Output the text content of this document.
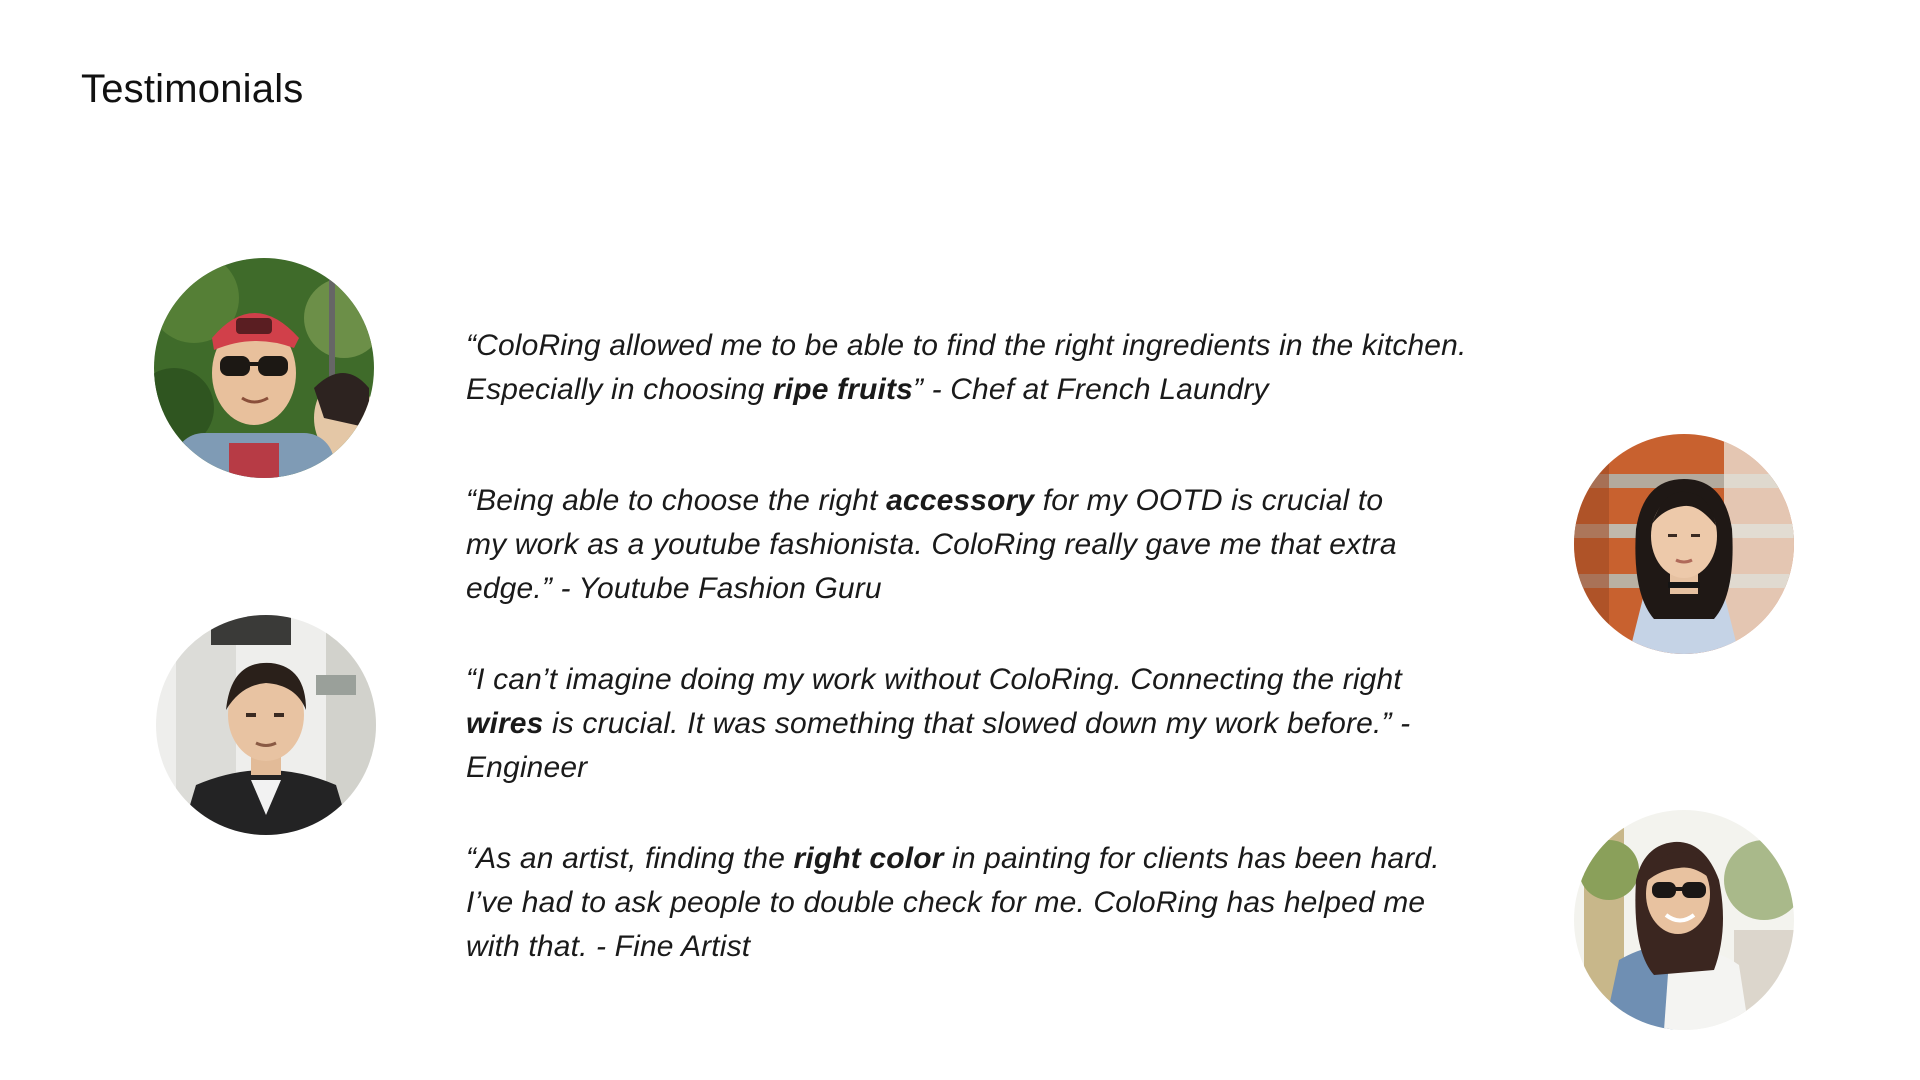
Testimonials

“ColoRing allowed me to be able to find the right ingredients in the kitchen. Especially in choosing ripe fruits” - Chef at French Laundry

“Being able to choose the right accessory for my OOTD is crucial to my work as a youtube fashionista. ColoRing really gave me that extra edge.” - Youtube Fashion Guru

“I can’t imagine doing my work without ColoRing. Connecting the right wires is crucial. It was something that slowed down my work before.” - Engineer

“As an artist, finding the right color in painting for clients has been hard. I’ve had to ask people to double check for me. ColoRing has helped me with that. - Fine Artist
